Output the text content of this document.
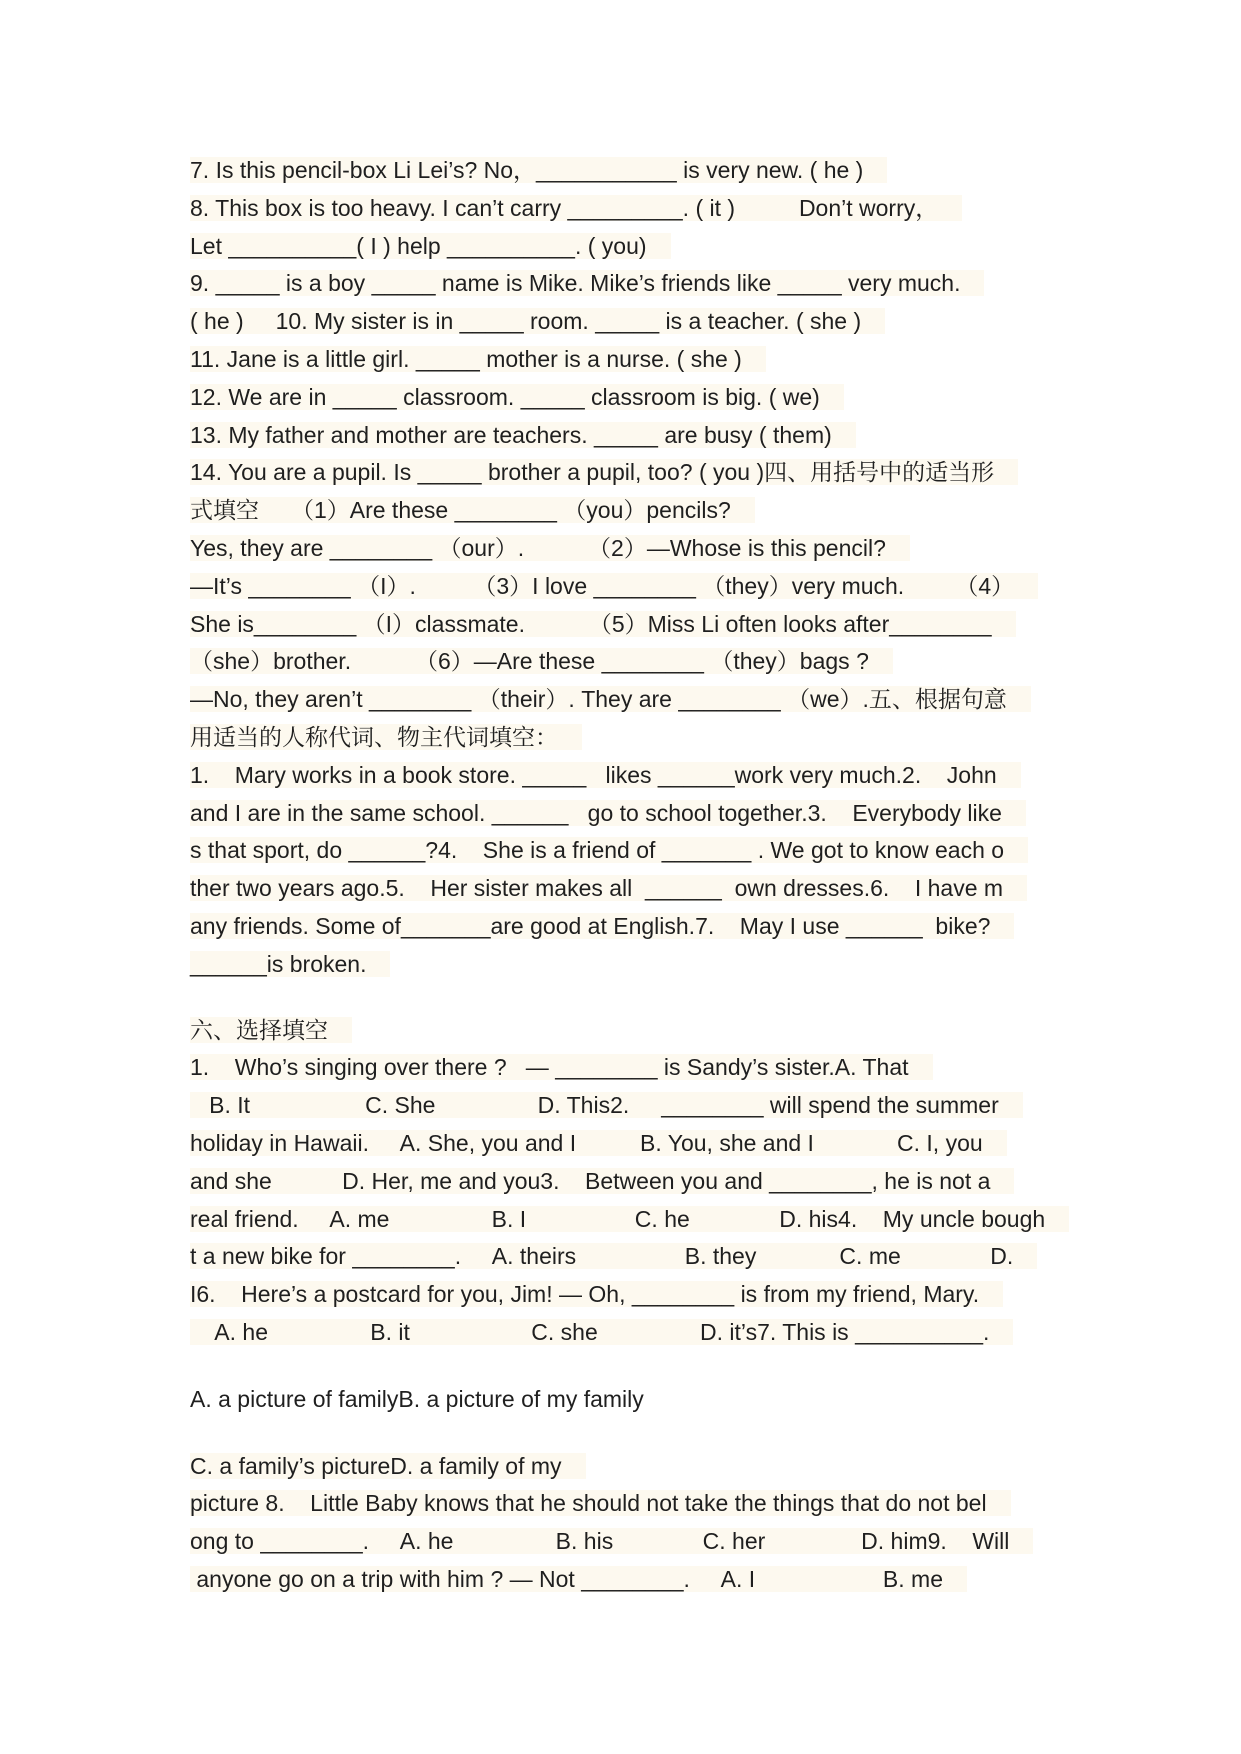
7. Is this pencil-box Li Lei’s? No，___________ is very new. ( he )
8. This box is too heavy. I can’t carry _________. ( it )          Don’t worry，
Let __________( I ) help __________. ( you)
9. _____ is a boy _____ name is Mike. Mike’s friends like _____ very much.
( he )     10. My sister is in _____ room. _____ is a teacher. ( she )
11. Jane is a little girl. _____ mother is a nurse. ( she )
12. We are in _____ classroom. _____ classroom is big. ( we)
13. My father and mother are teachers. _____ are busy ( them)
14. You are a pupil. Is _____ brother a pupil, too? ( you )四、用括号中的适当形
式填空     （1）Are these ________ （you）pencils?
Yes, they are ________ （our）.          （2）—Whose is this pencil?
—It’s ________ （I）.         （3）I love ________ （they）very much.        （4）
She is________ （I）classmate.          （5）Miss Li often looks after________
（she）brother.          （6）—Are these ________ （they）bags ?
—No, they aren’t ________ （their）. They are ________ （we）.五、根据句意
用适当的人称代词、物主代词填空：
1.    Mary works in a book store. _____   likes ______work very much.2.    John
and I are in the same school. ______   go to school together.3.    Everybody like
s that sport, do ______?4.    She is a friend of _______ . We got to know each o
ther two years ago.5.    Her sister makes all  ______  own dresses.6.    I have m
any friends. Some of_______are good at English.7.    May I use ______  bike?
______is broken.
六、选择填空
1.    Who’s singing over there ?   — ________ is Sandy’s sister.A. That
B. It                  C. She                D. This2.     ________ will spend the summer
holiday in Hawaii.     A. She, you and I          B. You, she and I             C. I, you
and she           D. Her, me and you3.    Between you and ________, he is not a
real friend.     A. me                B. I                 C. he              D. his4.    My uncle bough
t a new bike for ________.     A. theirs                 B. they             C. me              D.
I6.    Here’s a postcard for you, Jim! — Oh, ________ is from my friend, Mary.
A. he                B. it                   C. she                D. it’s7. This is __________.
A. a picture of familyB. a picture of my family
C. a family’s pictureD. a family of my
picture 8.    Little Baby knows that he should not take the things that do not bel
ong to ________.     A. he                B. his              C. her               D. him9.    Will
anyone go on a trip with him ? — Not ________.     A. I                    B. me
